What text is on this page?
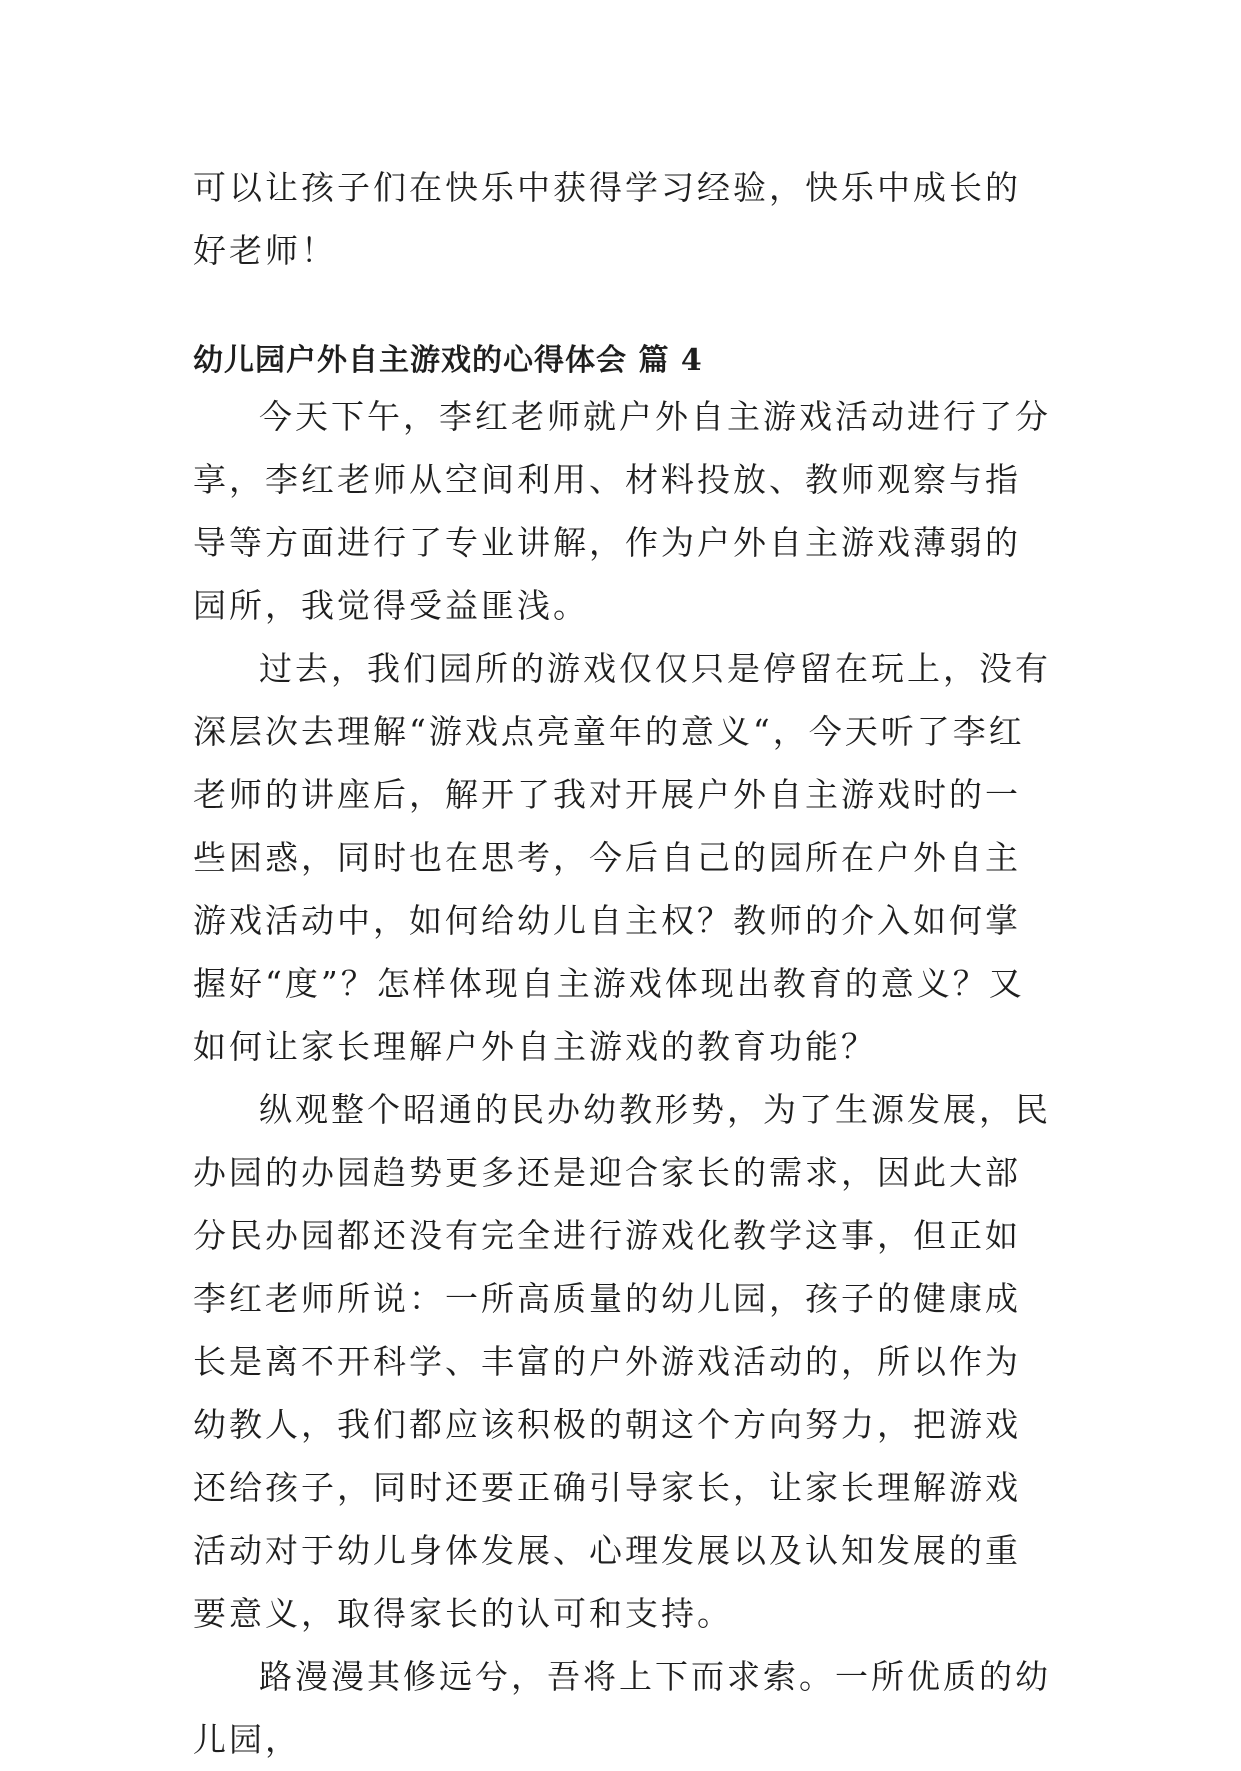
可以让孩子们在快乐中获得学习经验，快乐中成长的好老师！

幼儿园户外自主游戏的心得体会 篇 4

今天下午，李红老师就户外自主游戏活动进行了分享，李红老师从空间利用、材料投放、教师观察与指导等方面进行了专业讲解，作为户外自主游戏薄弱的园所，我觉得受益匪浅。

过去，我们园所的游戏仅仅只是停留在玩上，没有深层次去理解“游戏点亮童年的意义“，今天听了李红老师的讲座后，解开了我对开展户外自主游戏时的一些困惑，同时也在思考，今后自己的园所在户外自主游戏活动中，如何给幼儿自主权？教师的介入如何掌握好“度”？怎样体现自主游戏体现出教育的意义？又如何让家长理解户外自主游戏的教育功能？

纵观整个昭通的民办幼教形势，为了生源发展，民办园的办园趋势更多还是迎合家长的需求，因此大部分民办园都还没有完全进行游戏化教学这事，但正如李红老师所说：一所高质量的幼儿园，孩子的健康成长是离不开科学、丰富的户外游戏活动的，所以作为幼教人，我们都应该积极的朝这个方向努力，把游戏还给孩子，同时还要正确引导家长，让家长理解游戏活动对于幼儿身体发展、心理发展以及认知发展的重要意义，取得家长的认可和支持。

路漫漫其修远兮，吾将上下而求索。一所优质的幼儿园，
